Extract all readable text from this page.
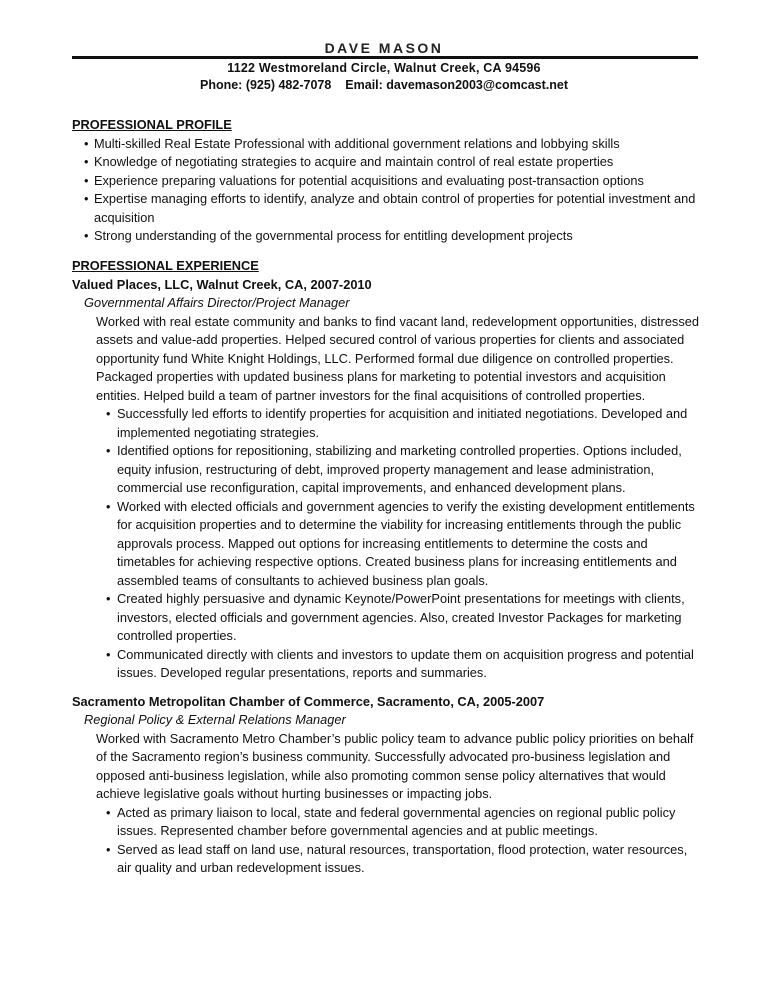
DAVE MASON
1122 Westmoreland Circle, Walnut Creek, CA 94596
Phone: (925) 482-7078 Email: davemason2003@comcast.net
PROFESSIONAL PROFILE
• Multi-skilled Real Estate Professional with additional government relations and lobbying skills
• Knowledge of negotiating strategies to acquire and maintain control of real estate properties
• Experience preparing valuations for potential acquisitions and evaluating post-transaction options
• Expertise managing efforts to identify, analyze and obtain control of properties for potential investment and acquisition
• Strong understanding of the governmental process for entitling development projects
PROFESSIONAL EXPERIENCE
Valued Places, LLC, Walnut Creek, CA, 2007-2010
Governmental Affairs Director/Project Manager
Worked with real estate community and banks to find vacant land, redevelopment opportunities, distressed assets and value-add properties. Helped secured control of various properties for clients and associated opportunity fund White Knight Holdings, LLC. Performed formal due diligence on controlled properties. Packaged properties with updated business plans for marketing to potential investors and acquisition entities. Helped build a team of partner investors for the final acquisitions of controlled properties.
• Successfully led efforts to identify properties for acquisition and initiated negotiations. Developed and implemented negotiating strategies.
• Identified options for repositioning, stabilizing and marketing controlled properties. Options included, equity infusion, restructuring of debt, improved property management and lease administration, commercial use reconfiguration, capital improvements, and enhanced development plans.
• Worked with elected officials and government agencies to verify the existing development entitlements for acquisition properties and to determine the viability for increasing entitlements through the public approvals process. Mapped out options for increasing entitlements to determine the costs and timetables for achieving respective options. Created business plans for increasing entitlements and assembled teams of consultants to achieved business plan goals.
• Created highly persuasive and dynamic Keynote/PowerPoint presentations for meetings with clients, investors, elected officials and government agencies. Also, created Investor Packages for marketing controlled properties.
• Communicated directly with clients and investors to update them on acquisition progress and potential issues. Developed regular presentations, reports and summaries.
Sacramento Metropolitan Chamber of Commerce, Sacramento, CA, 2005-2007
Regional Policy & External Relations Manager
Worked with Sacramento Metro Chamber’s public policy team to advance public policy priorities on behalf of the Sacramento region’s business community. Successfully advocated pro-business legislation and opposed anti-business legislation, while also promoting common sense policy alternatives that would achieve legislative goals without hurting businesses or impacting jobs.
• Acted as primary liaison to local, state and federal governmental agencies on regional public policy issues. Represented chamber before governmental agencies and at public meetings.
• Served as lead staff on land use, natural resources, transportation, flood protection, water resources, air quality and urban redevelopment issues.
